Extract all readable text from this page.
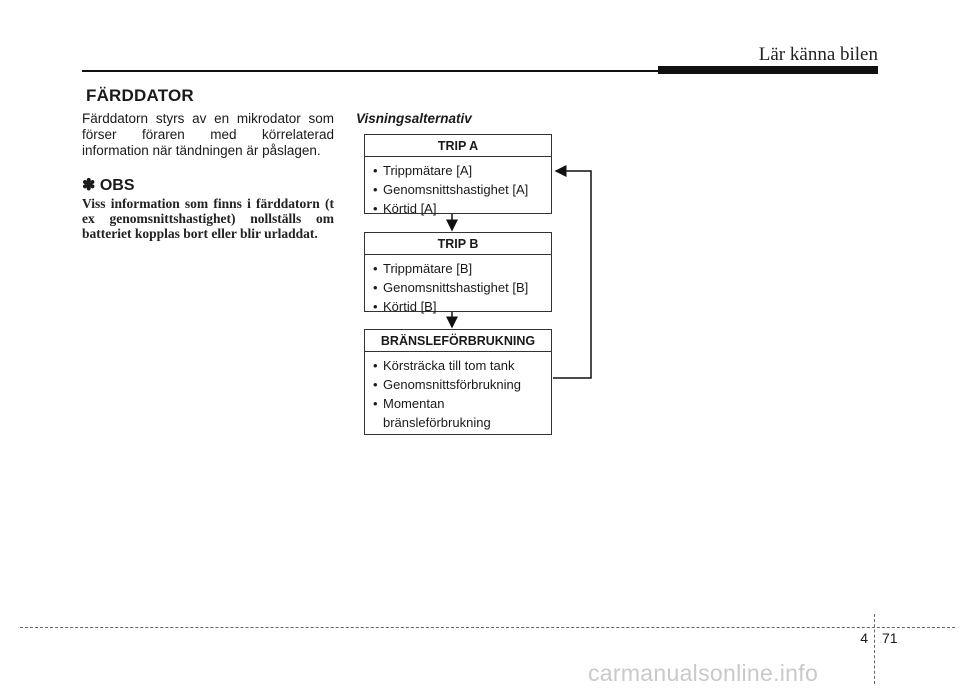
Lär känna bilen
FÄRDDATOR

Färddatorn styrs av en mikrodator som förser föraren med körrelaterad information när tändningen är påslagen.

✽ OBS

Viss information som finns i färddatorn (t ex genomsnittshastighet) nollställs om batteriet kopplas bort eller blir urladdat.

Visningsalternativ
TRIP A
• Trippmätare [A]
• Genomsnittshastighet [A]
• Körtid [A]
TRIP B
• Trippmätare [B]
• Genomsnittshastighet [B]
• Körtid [B]
BRÄNSLEFÖRBRUKNING
• Körsträcka till tom tank
• Genomsnittsförbrukning
• Momentan
bränsleförbrukning
4 71
carmanualsonline.info
